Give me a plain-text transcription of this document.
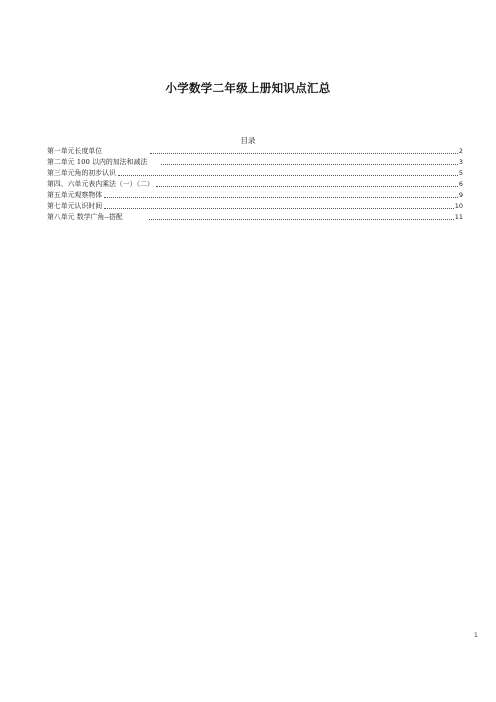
小学数学二年级上册知识点汇总
目录
第一单元长度单位	2
第二单元 100 以内的加法和减法	3
第三单元角的初步认识	5
第四、六单元表内乘法（一）（二）	6
第五单元观察物体	9
第七单元认识时间	10
第八单元 数学广角--搭配	11
1
